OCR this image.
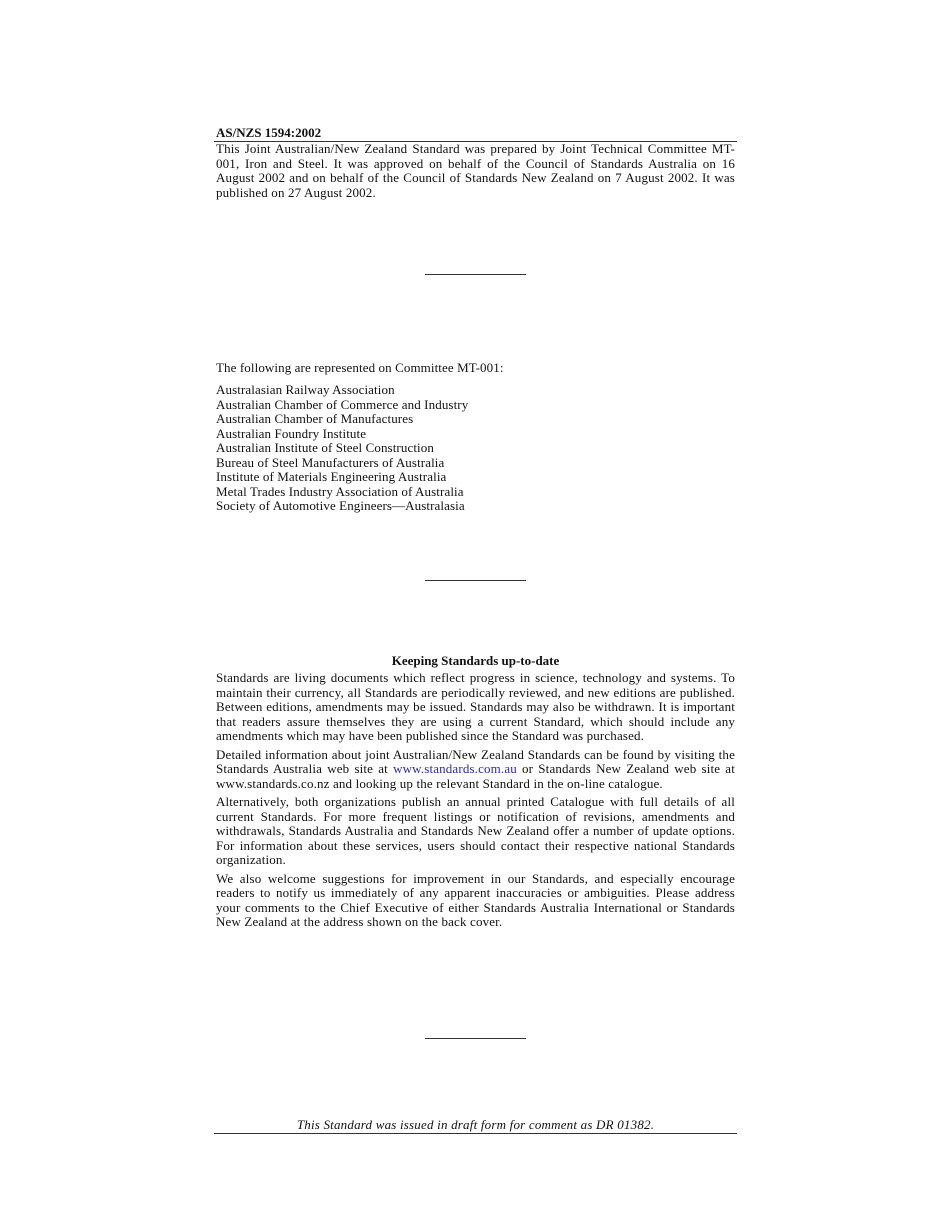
AS/NZS 1594:2002
This Joint Australian/New Zealand Standard was prepared by Joint Technical Committee MT-001, Iron and Steel. It was approved on behalf of the Council of Standards Australia on 16 August 2002 and on behalf of the Council of Standards New Zealand on 7 August 2002. It was published on 27 August 2002.
The following are represented on Committee MT-001:
Australasian Railway Association
Australian Chamber of Commerce and Industry
Australian Chamber of Manufactures
Australian Foundry Institute
Australian Institute of Steel Construction
Bureau of Steel Manufacturers of Australia
Institute of Materials Engineering Australia
Metal Trades Industry Association of Australia
Society of Automotive Engineers—Australasia
Keeping Standards up-to-date

Standards are living documents which reflect progress in science, technology and systems. To maintain their currency, all Standards are periodically reviewed, and new editions are published. Between editions, amendments may be issued. Standards may also be withdrawn. It is important that readers assure themselves they are using a current Standard, which should include any amendments which may have been published since the Standard was purchased.

Detailed information about joint Australian/New Zealand Standards can be found by visiting the Standards Australia web site at www.standards.com.au or Standards New Zealand web site at www.standards.co.nz and looking up the relevant Standard in the on-line catalogue.

Alternatively, both organizations publish an annual printed Catalogue with full details of all current Standards. For more frequent listings or notification of revisions, amendments and withdrawals, Standards Australia and Standards New Zealand offer a number of update options. For information about these services, users should contact their respective national Standards organization.

We also welcome suggestions for improvement in our Standards, and especially encourage readers to notify us immediately of any apparent inaccuracies or ambiguities. Please address your comments to the Chief Executive of either Standards Australia International or Standards New Zealand at the address shown on the back cover.

This Standard was issued in draft form for comment as DR 01382.
